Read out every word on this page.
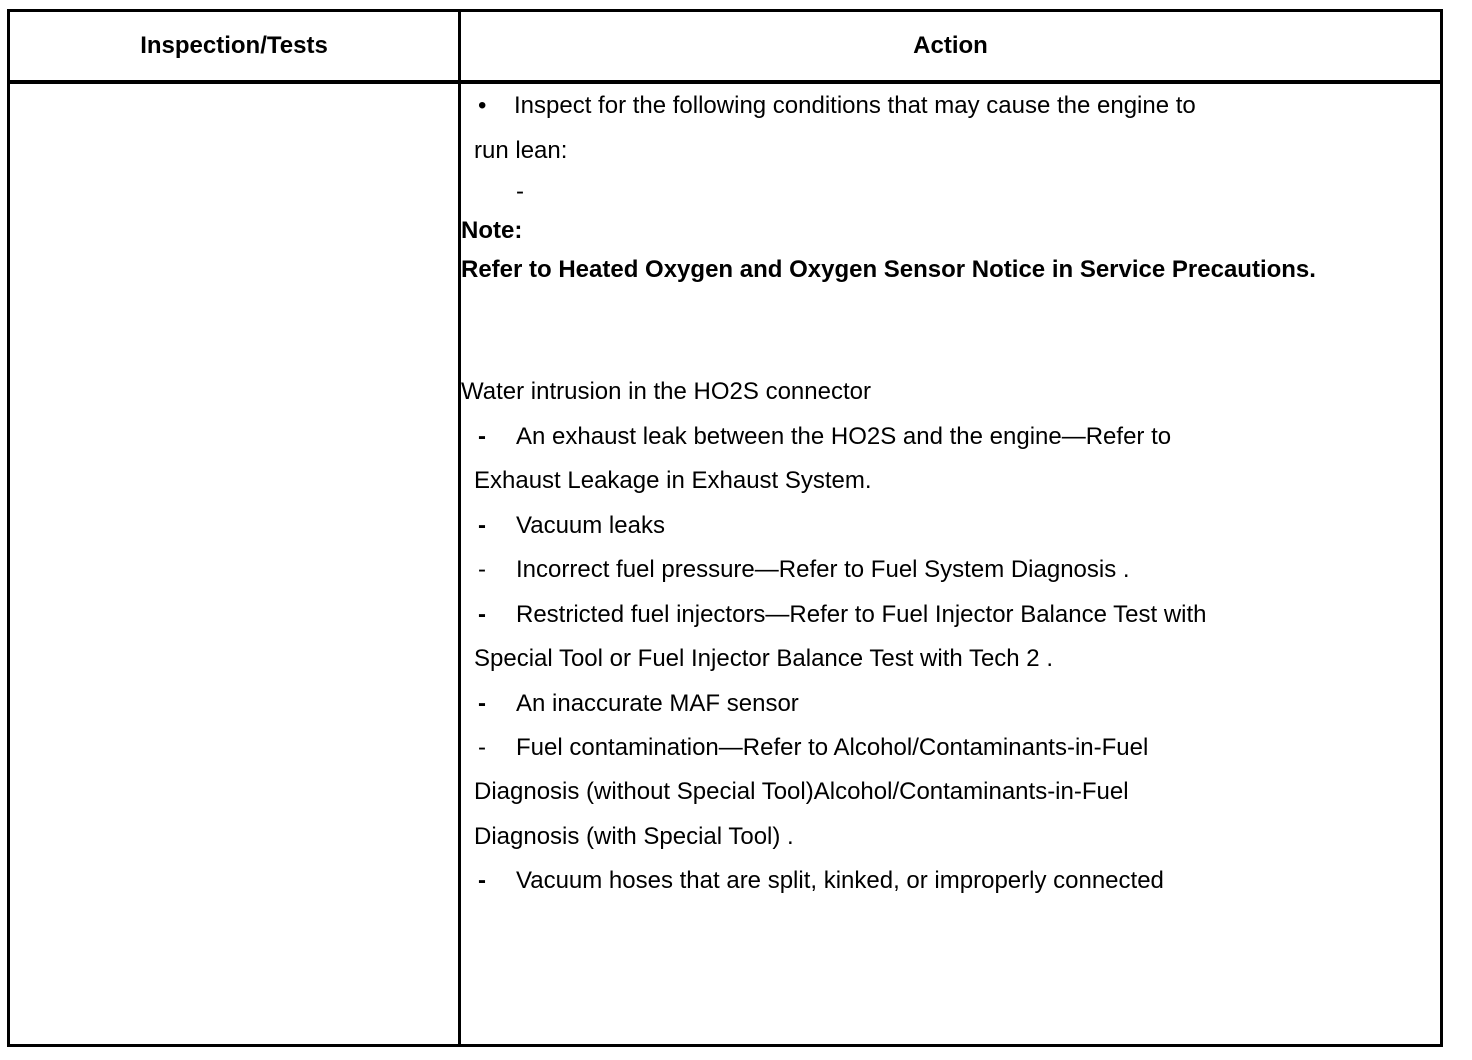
Inspection/Tests	Action
• Inspect for the following conditions that may cause the engine to
run lean:
-
Note:
Refer to Heated Oxygen and Oxygen Sensor Notice in Service Precautions.
Water intrusion in the HO2S connector
- An exhaust leak between the HO2S and the engine—Refer to
Exhaust Leakage in Exhaust System.
- Vacuum leaks
- Incorrect fuel pressure—Refer to Fuel System Diagnosis .
- Restricted fuel injectors—Refer to Fuel Injector Balance Test with
Special Tool or Fuel Injector Balance Test with Tech 2 .
- An inaccurate MAF sensor
- Fuel contamination—Refer to Alcohol/Contaminants-in-Fuel
Diagnosis (without Special Tool)Alcohol/Contaminants-in-Fuel
Diagnosis (with Special Tool) .
- Vacuum hoses that are split, kinked, or improperly connected
